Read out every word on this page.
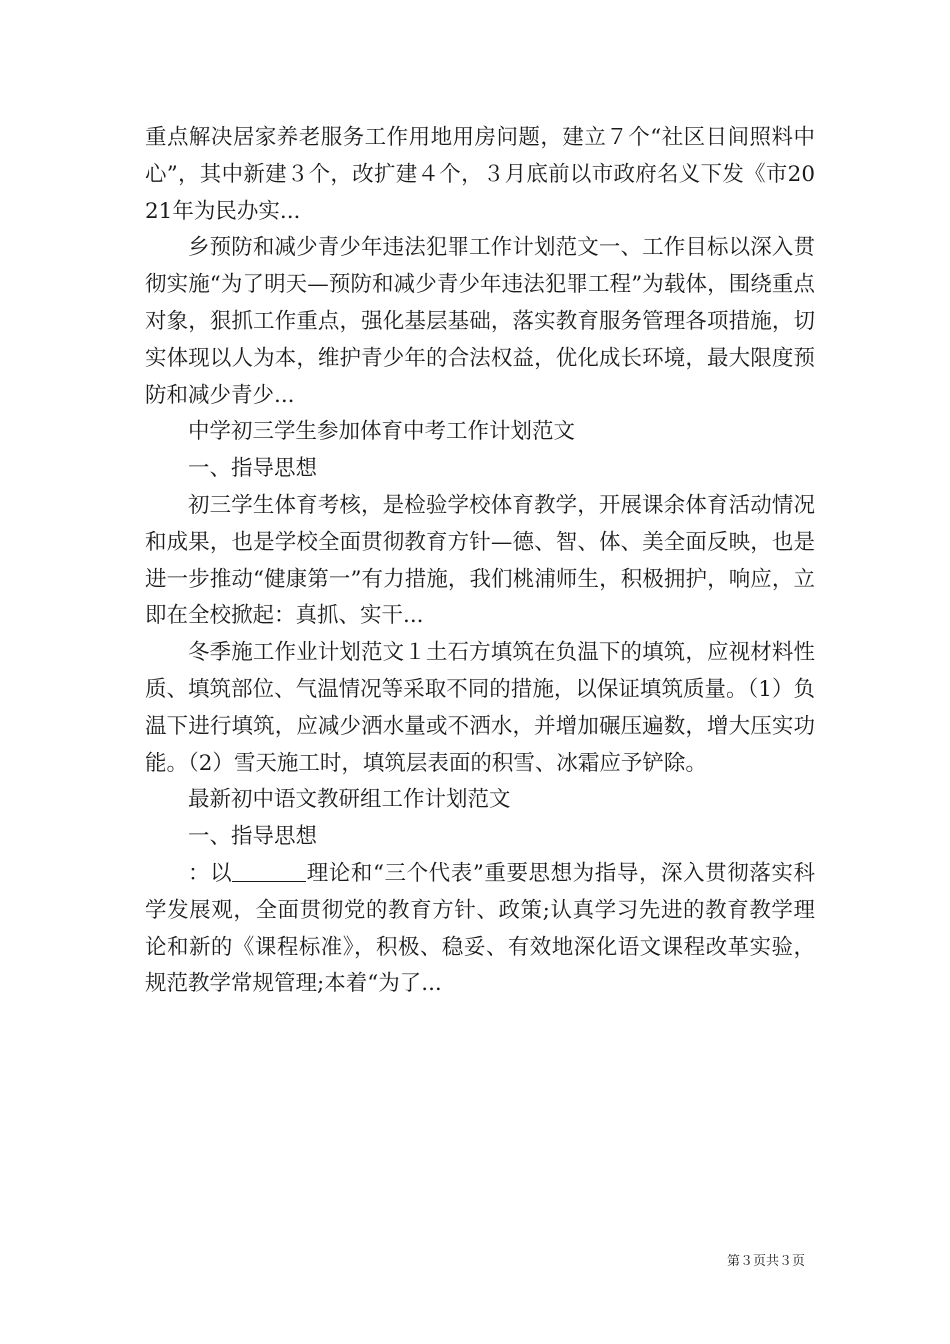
重点解决居家养老服务工作用地用房问题，建立７个“社区日间照料中心”，其中新建３个，改扩建４个，３月底前以市政府名义下发《市2021年为民办实...

乡预防和减少青少年违法犯罪工作计划范文一、工作目标以深入贯彻实施“为了明天—预防和减少青少年违法犯罪工程”为载体，围绕重点对象，狠抓工作重点，强化基层基础，落实教育服务管理各项措施，切实体现以人为本，维护青少年的合法权益，优化成长环境，最大限度预防和减少青少...

中学初三学生参加体育中考工作计划范文

一、指导思想

初三学生体育考核，是检验学校体育教学，开展课余体育活动情况和成果，也是学校全面贯彻教育方针—德、智、体、美全面反映，也是进一步推动“健康第一”有力措施，我们桃浦师生，积极拥护，响应，立即在全校掀起：真抓、实干...

冬季施工作业计划范文１土石方填筑在负温下的填筑，应视材料性质、填筑部位、气温情况等采取不同的措施，以保证填筑质量。（1）负温下进行填筑，应减少洒水量或不洒水，并增加碾压遍数，增大压实功能。（2）雪天施工时，填筑层表面的积雪、冰霜应予铲除。

最新初中语文教研组工作计划范文

一、指导思想

：以	理论和“三个代表”重要思想为指导，深入贯彻落实科学发展观，全面贯彻党的教育方针、政策;认真学习先进的教育教学理论和新的《课程标准》，积极、稳妥、有效地深化语文课程改革实验，规范教学常规管理;本着“为了...

第３页共３页
